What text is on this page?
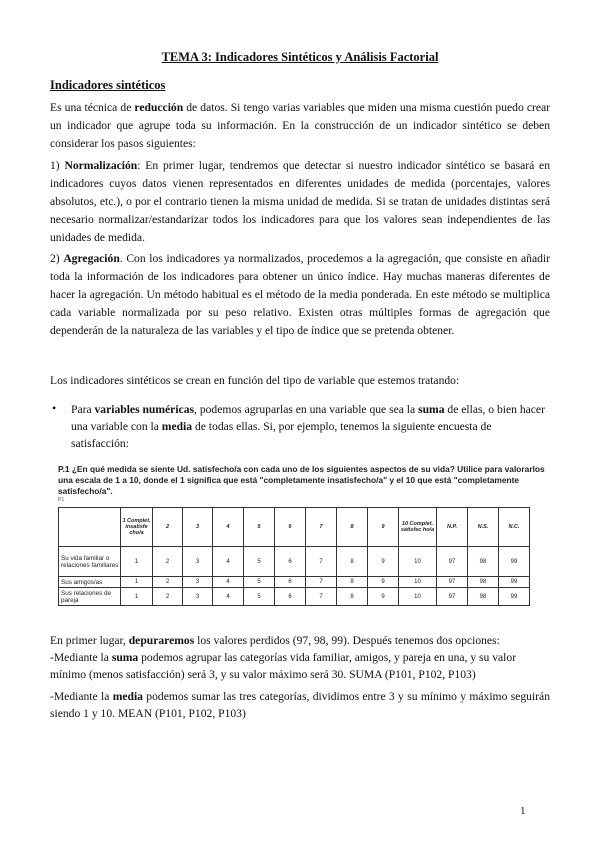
TEMA 3: Indicadores Sintéticos y Análisis Factorial
Indicadores sintéticos

Es una técnica de reducción de datos. Si tengo varias variables que miden una misma cuestión puedo crear un indicador que agrupe toda su información. En la construcción de un indicador sintético se deben considerar los pasos siguientes:

1) Normalización: En primer lugar, tendremos que detectar si nuestro indicador sintético se basará en indicadores cuyos datos vienen representados en diferentes unidades de medida (porcentajes, valores absolutos, etc.), o por el contrario tienen la misma unidad de medida. Si se tratan de unidades distintas será necesario normalizar/estandarizar todos los indicadores para que los valores sean independientes de las unidades de medida.

2) Agregación. Con los indicadores ya normalizados, procedemos a la agregación, que consiste en añadir toda la información de los indicadores para obtener un único índice. Hay muchas maneras diferentes de hacer la agregación. Un método habitual es el método de la media ponderada. En este método se multiplica cada variable normalizada por su peso relativo. Existen otras múltiples formas de agregación que dependerán de la naturaleza de las variables y el tipo de índice que se pretenda obtener.

Los indicadores sintéticos se crean en función del tipo de variable que estemos tratando:

• Para variables numéricas, podemos agruparlas en una variable que sea la suma de ellas, o bien hacer una variable con la media de todas ellas. Si, por ejemplo, tenemos la siguiente encuesta de satisfacción:

P.1 ¿En qué medida se siente Ud. satisfecho/a con cada uno de los siguientes aspectos de su vida? Utilice para valorarlos una escala de 1 a 10, donde el 1 significa que está "completamente insatisfecho/a" y el 10 que está "completamente satisfecho/a".

P1
	1 Complet. insatisfe cho/a	2	3	4	5	6	7	8	9	10 Complet. satisfec ho/a	N.P.	N.S.	N.C.
Su vida familiar o relaciones familiares	1	2	3	4	5	6	7	8	9	10	97	98	99
Sus amigos/as	1	2	3	4	5	6	7	8	9	10	97	98	99
Sus relaciones de pareja	1	2	3	4	5	6	7	8	9	10	97	98	99

En primer lugar, depuraremos los valores perdidos (97, 98, 99). Después tenemos dos opciones:
-Mediante la suma podemos agrupar las categorías vida familiar, amigos, y pareja en una, y su valor mínimo (menos satisfacción) será 3, y su valor máximo será 30. SUMA (P101, P102, P103)

-Mediante la media podemos sumar las tres categorías, dividimos entre 3 y su mínimo y máximo seguirán siendo 1 y 10. MEAN (P101, P102, P103)

1
